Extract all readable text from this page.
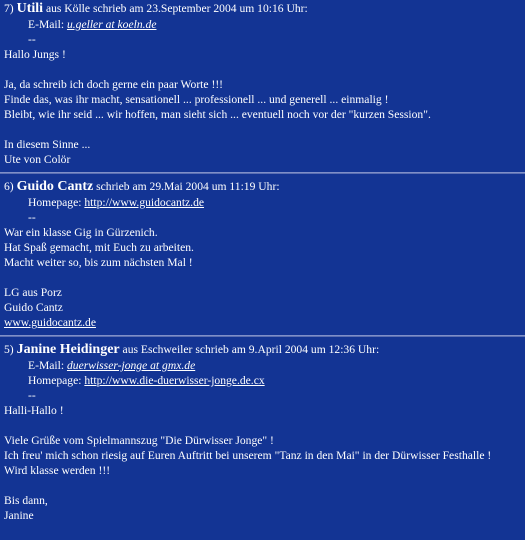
7) Utili aus Kölle schrieb am 23.September 2004 um 10:16 Uhr:
E-Mail: u.geller at koeln.de
--
Hallo Jungs !
Ja, da schreib ich doch gerne ein paar Worte !!!
Finde das, was ihr macht, sensationell ... professionell ... und generell ... einmalig !
Bleibt, wie ihr seid ... wir hoffen, man sieht sich ... eventuell noch vor der "kurzen Session".
In diesem Sinne ...
Ute von Colör
6) Guido Cantz schrieb am 29.Mai 2004 um 11:19 Uhr:
Homepage: http://www.guidocantz.de
--
War ein klasse Gig in Gürzenich.
Hat Spaß gemacht, mit Euch zu arbeiten.
Macht weiter so, bis zum nächsten Mal !
LG aus Porz
Guido Cantz
www.guidocantz.de
5) Janine Heidinger aus Eschweiler schrieb am 9.April 2004 um 12:36 Uhr:
E-Mail: duerwisser-jonge at gmx.de
Homepage: http://www.die-duerwisser-jonge.de.cx
--
Halli-Hallo !
Viele Grüße vom Spielmannszug "Die Dürwisser Jonge" !
Ich freu' mich schon riesig auf Euren Auftritt bei unserem "Tanz in den Mai" in der Dürwisser Festhalle !
Wird klasse werden !!!
Bis dann,
Janine
